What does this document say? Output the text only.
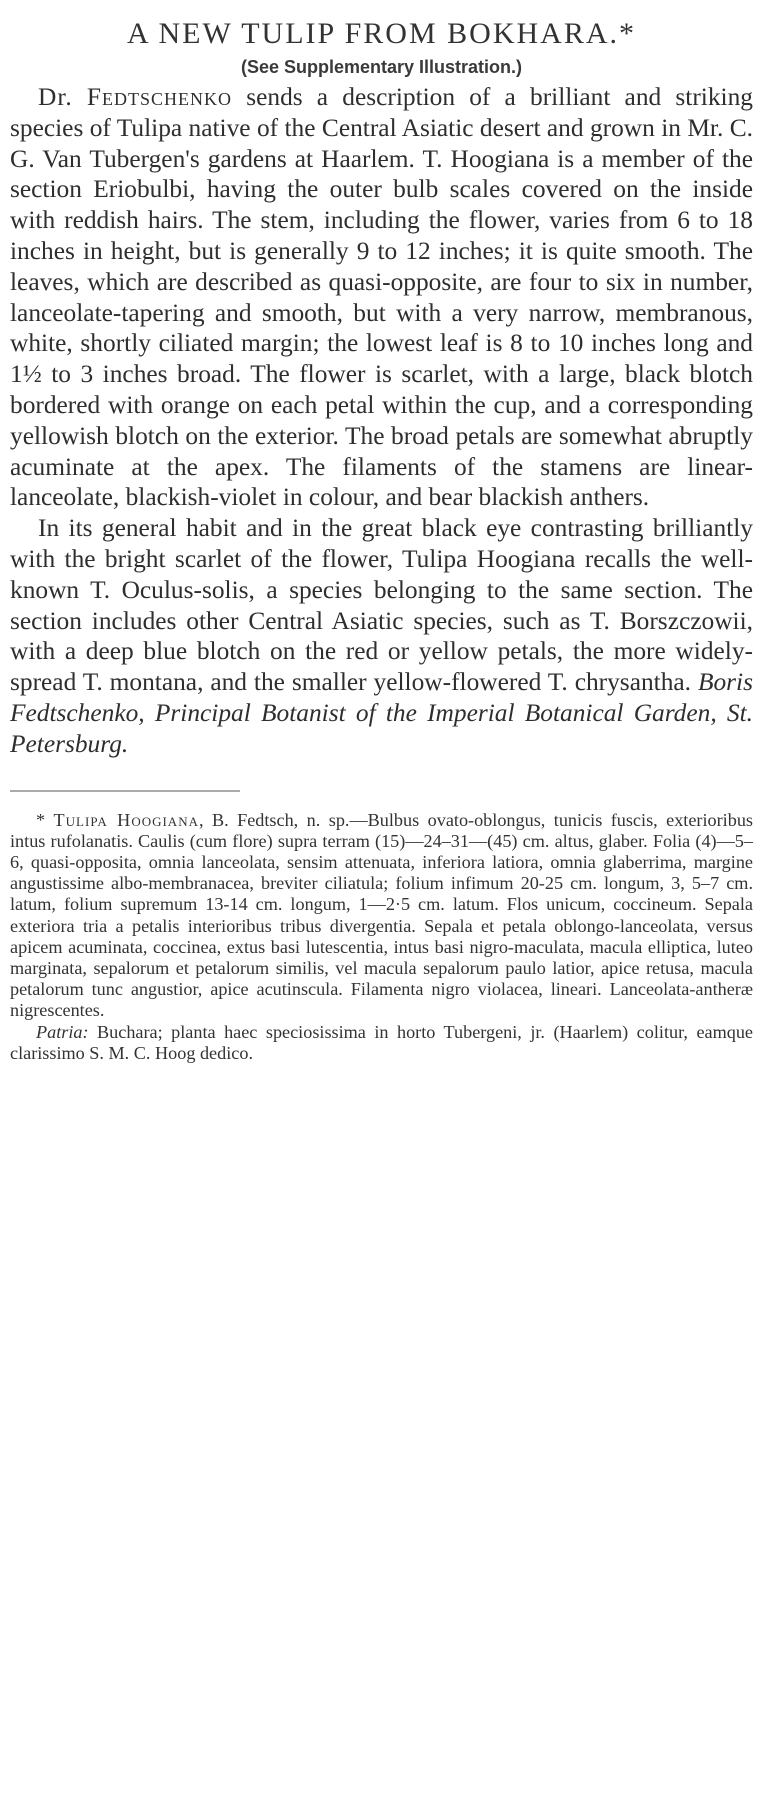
A NEW TULIP FROM BOKHARA.*
(See Supplementary Illustration.)

Dr. Fedtschenko sends a description of a brilliant and striking species of Tulipa native of the Central Asiatic desert and grown in Mr. C. G. Van Tubergen's gardens at Haarlem. T. Hoogiana is a member of the section Eriobulbi, having the outer bulb scales covered on the inside with reddish hairs. The stem, including the flower, varies from 6 to 18 inches in height, but is generally 9 to 12 inches; it is quite smooth. The leaves, which are described as quasi-opposite, are four to six in number, lanceolate-tapering and smooth, but with a very narrow, membranous, white, shortly ciliated margin; the lowest leaf is 8 to 10 inches long and 1½ to 3 inches broad. The flower is scarlet, with a large, black blotch bordered with orange on each petal within the cup, and a corresponding yellowish blotch on the exterior. The broad petals are somewhat abruptly acuminate at the apex. The filaments of the stamens are linear-lanceolate, blackish-violet in colour, and bear blackish anthers.

In its general habit and in the great black eye contrasting brilliantly with the bright scarlet of the flower, Tulipa Hoogiana recalls the well-known T. Oculus-solis, a species belonging to the same section. The section includes other Central Asiatic species, such as T. Borszczowii, with a deep blue blotch on the red or yellow petals, the more widely-spread T. montana, and the smaller yellow-flowered T. chrysantha. Boris Fedtschenko, Principal Botanist of the Imperial Botanical Garden, St. Petersburg.

* Tulipa Hoogiana, B. Fedtsch, n. sp.—Bulbus ovato-oblongus, tunicis fuscis, exterioribus intus rufolanatis. Caulis (cum flore) supra terram (15)—24–31—(45) cm. altus, glaber. Folia (4)—5–6, quasi-opposita, omnia lanceolata, sensim attenuata, inferiora latiora, omnia glaberrima, margine angustissime albo-membranacea, breviter ciliatula; folium infimum 20-25 cm. longum, 3, 5–7 cm. latum, folium supremum 13-14 cm. longum, 1—2·5 cm. latum. Flos unicum, coccineum. Sepala exteriora tria a petalis interioribus tribus divergentia. Sepala et petala oblongo-lanceolata, versus apicem acuminata, coccinea, extus basi lutescentia, intus basi nigro-maculata, macula elliptica, luteo marginata, sepalorum et petalorum similis, vel macula sepalorum paulo latior, apice retusa, macula petalorum tunc angustior, apice acutinscula. Filamenta nigro violacea, lineari. Lanceolata-antheræ nigrescentes.

Patria: Buchara; planta haec speciosissima in horto Tubergeni, jr. (Haarlem) colitur, eamque clarissimo S. M. C. Hoog dedico.
